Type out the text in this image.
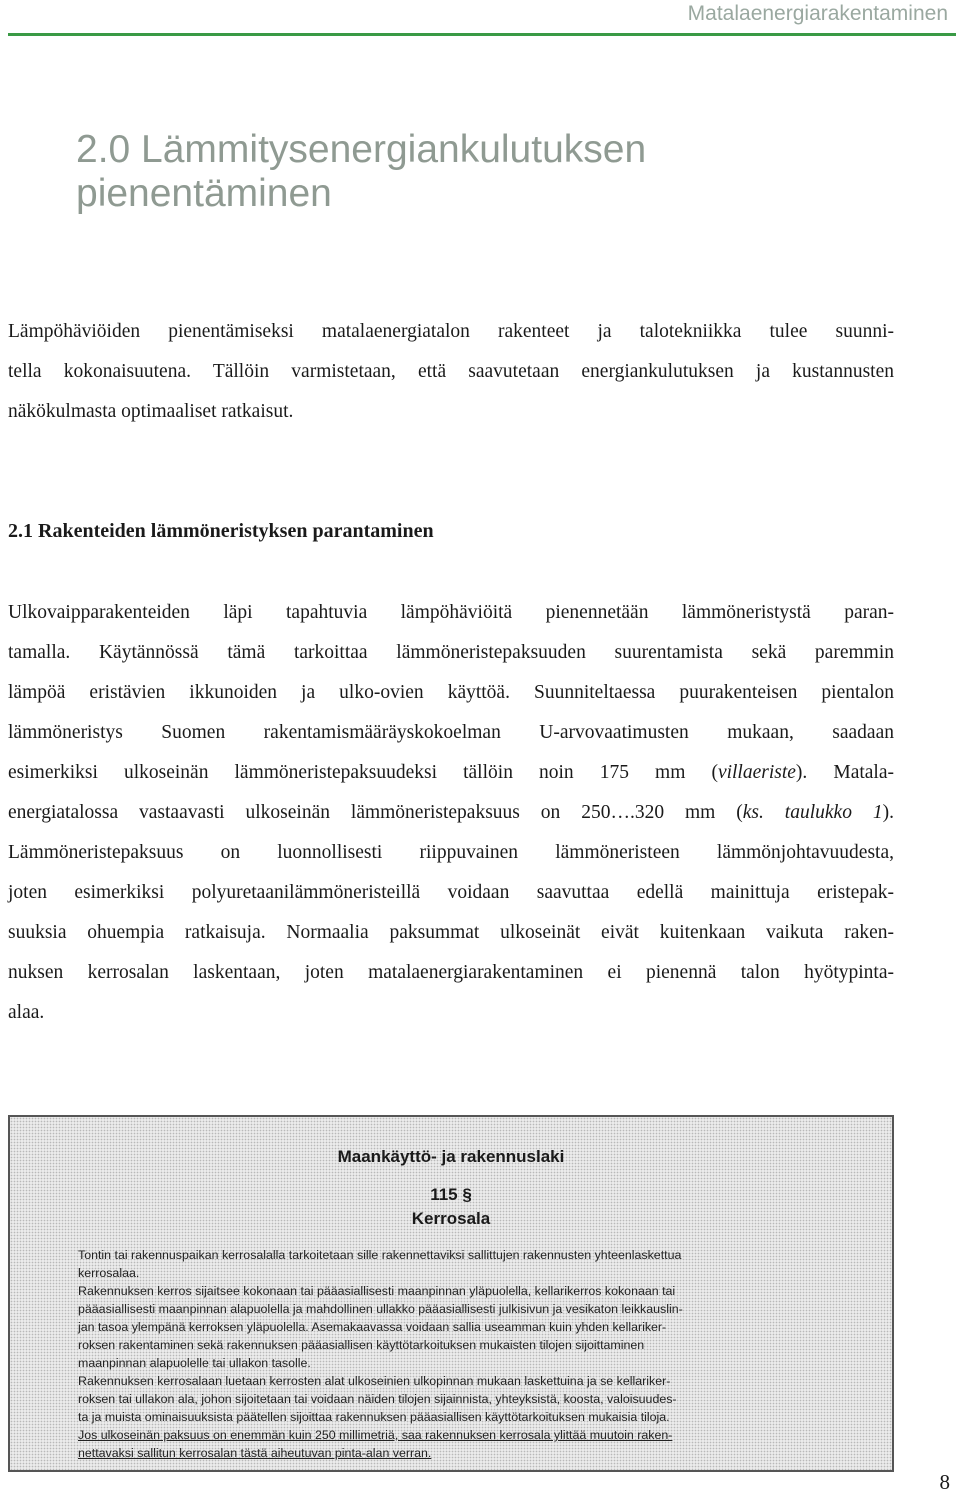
Matalaenergiarakentaminen
2.0 Lämmitysenergiankulutuksen pienentäminen
Lämpöhäviöiden pienentämiseksi matalaenergiatalon rakenteet ja talotekniikka tulee suunni-
tella kokonaisuutena. Tällöin varmistetaan, että saavutetaan energiankulutuksen ja kustannusten
näkökulmasta optimaaliset ratkaisut.
2.1 Rakenteiden lämmöneristyksen parantaminen
Ulkovaipparakenteiden läpi tapahtuvia lämpöhäviöitä pienennetään lämmöneristystä paran-
tamalla. Käytännössä tämä tarkoittaa lämmöneristepaksuuden suurentamista sekä paremmin
lämpöä eristävien ikkunoiden ja ulko-ovien käyttöä. Suunniteltaessa puurakenteisen pientalon
lämmöneristys Suomen rakentamismääräyskokoelman U-arvovaatimusten mukaan, saadaan
esimerkiksi ulkoseinän lämmöneristepaksuudeksi tällöin noin 175 mm (villaeriste). Matala-
energiatalossa vastaavasti ulkoseinän lämmöneristepaksuus on 250….320 mm (ks. taulukko 1).
Lämmöneristepaksuus on luonnollisesti riippuvainen lämmöneristeen lämmönjohtavuudesta,
joten esimerkiksi polyuretaanilämmöneristeillä voidaan saavuttaa edellä mainittuja eristepak-
suuksia ohuempia ratkaisuja. Normaalia paksummat ulkoseinät eivät kuitenkaan vaikuta raken-
nuksen kerrosalan laskentaan, joten matalaenergiarakentaminen ei pienennä talon hyötypinta-
alaa.
Maankäyttö- ja rakennuslaki
115 §
Kerrosala
Tontin tai rakennuspaikan kerrosalalla tarkoitetaan sille rakennettaviksi sallittujen rakennusten yhteenlaskettua
kerrosalaa.
Rakennuksen kerros sijaitsee kokonaan tai pääasiallisesti maanpinnan yläpuolella, kellarikerros kokonaan tai
pääasiallisesti maanpinnan alapuolella ja mahdollinen ullakko pääasiallisesti julkisivun ja vesikaton leikkauslin-
jan tasoa ylempänä kerroksen yläpuolella. Asemakaavassa voidaan sallia useamman kuin yhden kellariker-
roksen rakentaminen sekä rakennuksen pääasiallisen käyttötarkoituksen mukaisten tilojen sijoittaminen
maanpinnan alapuolelle tai ullakon tasolle.
Rakennuksen kerrosalaan luetaan kerrosten alat ulkoseinien ulkopinnan mukaan laskettuina ja se kellariker-
roksen tai ullakon ala, johon sijoitetaan tai voidaan näiden tilojen sijainnista, yhteyksistä, koosta, valoisuudes-
ta ja muista ominaisuuksista päätellen sijoittaa rakennuksen pääasiallisen käyttötarkoituksen mukaisia tiloja.
Jos ulkoseinän paksuus on enemmän kuin 250 millimetriä, saa rakennuksen kerrosala ylittää muutoin raken-
nettavaksi sallitun kerrosalan tästä aiheutuvan pinta-alan verran.
8
